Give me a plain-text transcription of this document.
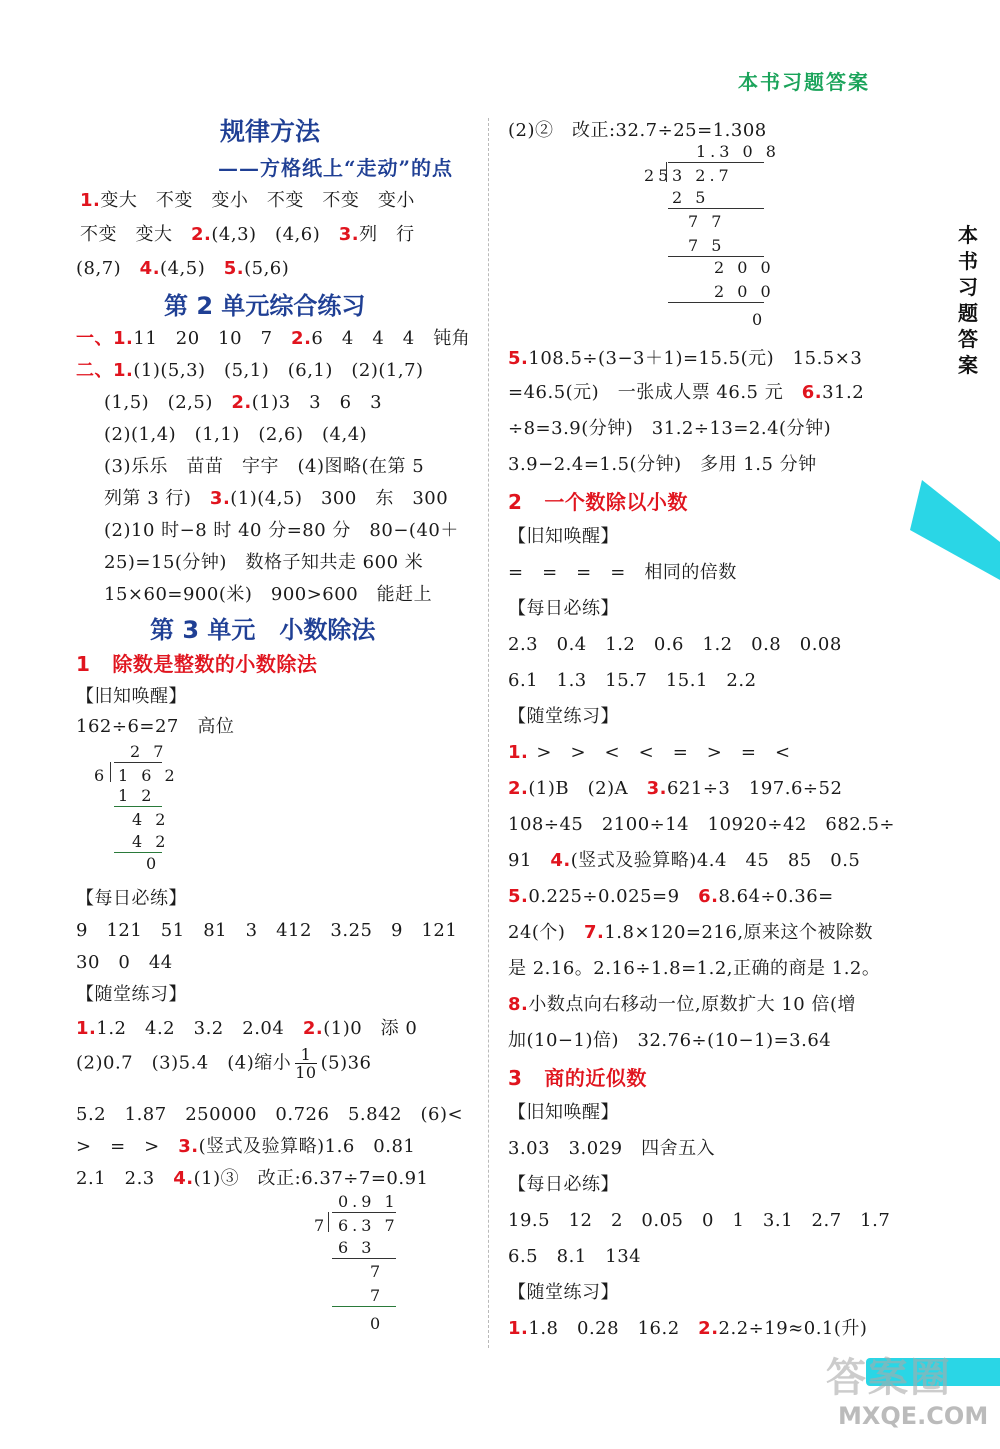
本书习题答案
本
书
习
题
答
案
规律方法
——方格纸上“走动”的点
1.变大　不变　变小　不变　不变　变小
不变　变大　2.(4,3)　(4,6)　3.列　行
(8,7)　4.(4,5)　5.(5,6)
第 2 单元综合练习
一、1.11　20　10　7　2.6　4　4　4　钝角
二、1.(1)(5,3)　(5,1)　(6,1)　(2)(1,7)
(1,5)　(2,5)　2.(1)3　3　6　3
(2)(1,4)　(1,1)　(2,6)　(4,4)
(3)乐乐　苗苗　宇宇　(4)图略(在第 5
列第 3 行)　3.(1)(4,5)　300　东　300
(2)10 时−8 时 40 分=80 分　80−(40＋
25)=15(分钟)　数格子知共走 600 米
15×60=900(米)　900>600　能赶上
第 3 单元　小数除法
1 除数是整数的小数除法
【旧知唤醒】
162÷6=27　高位
2 7
6 1 6 2
1 2
4 2
4 2
0
【每日必练】
9　121　51　81　3　412　3.25　9　121
30　0　44
【随堂练习】
1.1.2　4.2　3.2　2.04　2.(1)0　添 0
(2)0.7　(3)5.4　(4)缩小 $\frac{1}{10} (5)36$
5.2　1.87　250000　0.726　5.842　(6)<
>　=　>　3.(竖式及验算略)1.6　0.81
2.1　2.3　4.(1)③　改正:6.37÷7=0.91
0.9 1
7 6.3 7
6 3
7
7
0
(2)②　改正:32.7÷25=1.308
1.3 0 8
25 3 2.7
2 5
7 7
7 5
2 0 0
2 0 0
0
5.108.5÷(3−3＋1)=15.5(元)　15.5×3
=46.5(元)　一张成人票 46.5 元　6.31.2
÷8=3.9(分钟)　31.2÷13=2.4(分钟)
3.9−2.4=1.5(分钟)　多用 1.5 分钟
2 一个数除以小数
【旧知唤醒】
=　=　=　=　相同的倍数
【每日必练】
2.3　0.4　1.2　0.6　1.2　0.8　0.08
6.1　1.3　15.7　15.1　2.2
【随堂练习】
1. >　>　<　<　=　>　=　<
2.(1)B　(2)A　3.621÷3　197.6÷52
108÷45　2100÷14　10920÷42　682.5÷
91　4.(竖式及验算略)4.4　45　85　0.5
5.0.225÷0.025=9　6.8.64÷0.36=
24(个)　7.1.8×120=216,原来这个被除数
是 2.16。2.16÷1.8=1.2,正确的商是 1.2。
8.小数点向右移动一位,原数扩大 10 倍(增
加(10−1)倍)　32.76÷(10−1)=3.64
3 商的近似数
【旧知唤醒】
3.03　3.029　四舍五入
【每日必练】
19.5　12　2　0.05　0　1　3.1　2.7　1.7
6.5　8.1　134
【随堂练习】
1.1.8　0.28　16.2　2.2.2÷19≈0.1(升)
答案圈
MXQE.COM
